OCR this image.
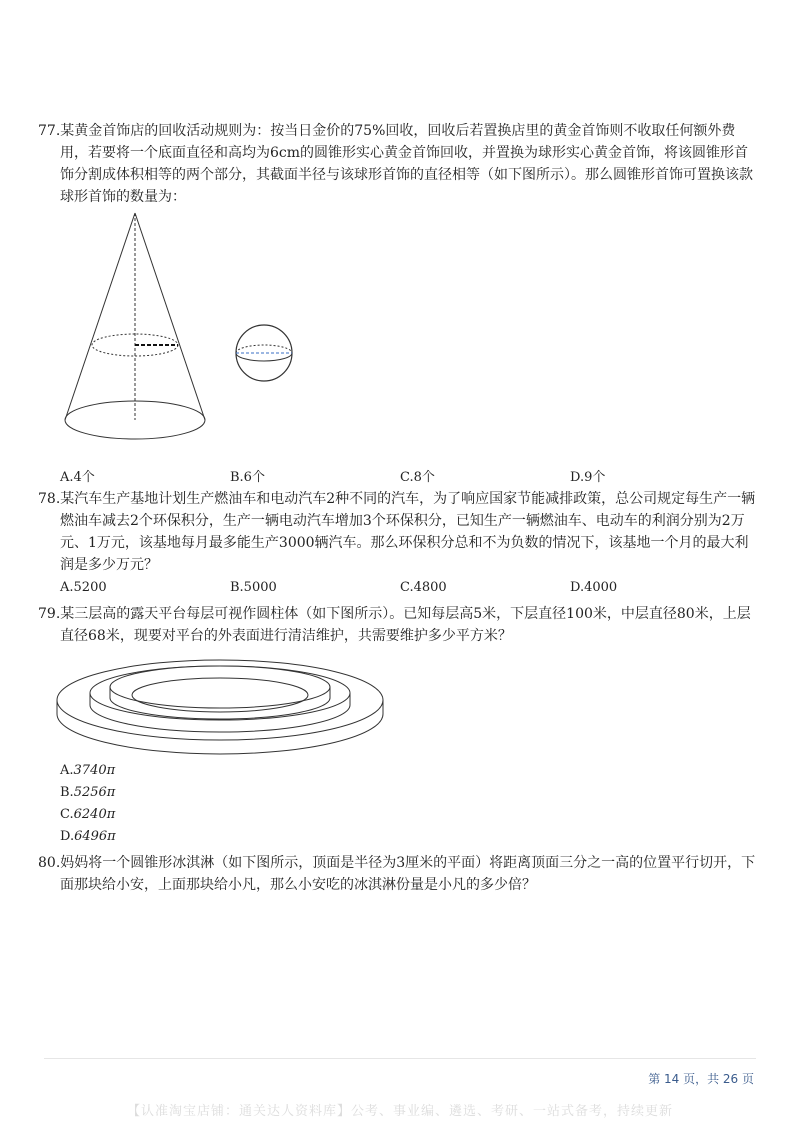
77.某黄金首饰店的回收活动规则为：按当日金价的75%回收，回收后若置换店里的黄金首饰则不收取任何额外费用，若要将一个底面直径和高均为6cm的圆锥形实心黄金首饰回收，并置换为球形实心黄金首饰，将该圆锥形首饰分割成体积相等的两个部分，其截面半径与该球形首饰的直径相等（如下图所示）。那么圆锥形首饰可置换该款球形首饰的数量为：

A.4个	B.6个	C.8个	D.9个

78.某汽车生产基地计划生产燃油车和电动汽车2种不同的汽车，为了响应国家节能减排政策，总公司规定每生产一辆燃油车减去2个环保积分，生产一辆电动汽车增加3个环保积分，已知生产一辆燃油车、电动车的利润分别为2万元、1万元，该基地每月最多能生产3000辆汽车。那么环保积分总和不为负数的情况下，该基地一个月的最大利润是多少万元？

A.5200	B.5000	C.4800	D.4000

79.某三层高的露天平台每层可视作圆柱体（如下图所示）。已知每层高5米，下层直径100米，中层直径80米，上层直径68米，现要对平台的外表面进行清洁维护，共需要维护多少平方米？

A.3740π
B.5256π
C.6240π
D.6496π

80.妈妈将一个圆锥形冰淇淋（如下图所示，顶面是半径为3厘米的平面）将距离顶面三分之一高的位置平行切开，下面那块给小安，上面那块给小凡，那么小安吃的冰淇淋份量是小凡的多少倍？

第 14 页，共 26 页
【认准淘宝店铺：通关达人资料库】公考、事业编、遴选、考研、一站式备考，持续更新
